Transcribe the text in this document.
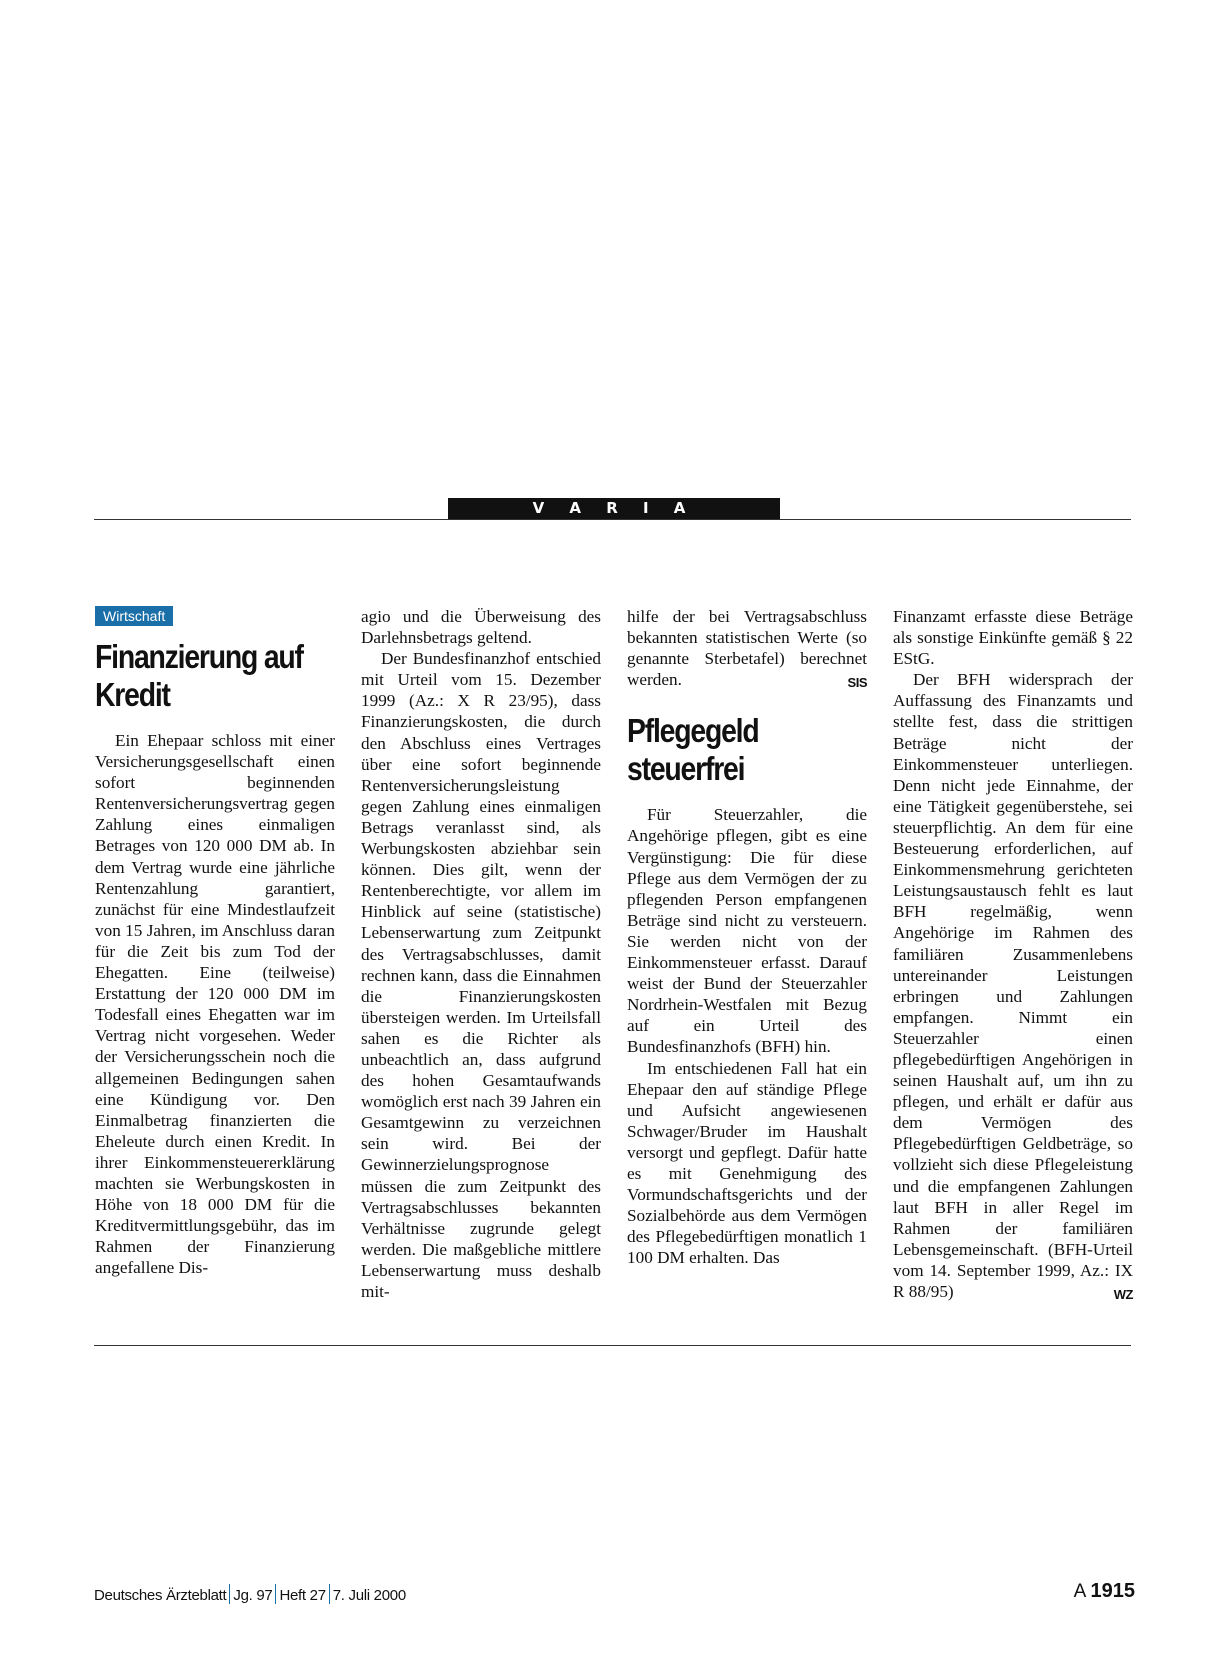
V A R I A
Wirtschaft
Finanzierung auf
Kredit

Ein Ehepaar schloss mit einer Versicherungsgesellschaft einen sofort beginnenden Rentenversicherungsvertrag gegen Zahlung eines einmaligen Betrages von 120 000 DM ab. In dem Vertrag wurde eine jährliche Rentenzahlung garantiert, zunächst für eine Mindestlaufzeit von 15 Jahren, im Anschluss daran für die Zeit bis zum Tod der Ehegatten. Eine (teilweise) Erstattung der 120 000 DM im Todesfall eines Ehegatten war im Vertrag nicht vorgesehen. Weder der Versicherungsschein noch die allgemeinen Bedingungen sahen eine Kündigung vor. Den Einmalbetrag finanzierten die Eheleute durch einen Kredit. In ihrer Einkommensteuererklärung machten sie Werbungskosten in Höhe von 18 000 DM für die Kreditvermittlungsgebühr, das im Rahmen der Finanzierung angefallene Dis-

agio und die Überweisung des Darlehnsbetrags geltend.

Der Bundesfinanzhof entschied mit Urteil vom 15. Dezember 1999 (Az.: X R 23/95), dass Finanzierungskosten, die durch den Abschluss eines Vertrages über eine sofort beginnende Rentenversicherungsleistung gegen Zahlung eines einmaligen Betrags veranlasst sind, als Werbungskosten abziehbar sein können. Dies gilt, wenn der Rentenberechtigte, vor allem im Hinblick auf seine (statistische) Lebenserwartung zum Zeitpunkt des Vertragsabschlusses, damit rechnen kann, dass die Einnahmen die Finanzierungskosten übersteigen werden. Im Urteilsfall sahen es die Richter als unbeachtlich an, dass aufgrund des hohen Gesamtaufwands womöglich erst nach 39 Jahren ein Gesamtgewinn zu verzeichnen sein wird. Bei der Gewinnerzielungsprognose müssen die zum Zeitpunkt des Vertragsabschlusses bekannten Verhältnisse zugrunde gelegt werden. Die maßgebliche mittlere Lebenserwartung muss deshalb mit-

hilfe der bei Vertragsabschluss bekannten statistischen Werte (so genannte Sterbetafel) berechnet werden.	SIS

Pflegegeld
steuerfrei

Für Steuerzahler, die Angehörige pflegen, gibt es eine Vergünstigung: Die für diese Pflege aus dem Vermögen der zu pflegenden Person empfangenen Beträge sind nicht zu versteuern. Sie werden nicht von der Einkommensteuer erfasst. Darauf weist der Bund der Steuerzahler Nordrhein-Westfalen mit Bezug auf ein Urteil des Bundesfinanzhofs (BFH) hin.

Im entschiedenen Fall hat ein Ehepaar den auf ständige Pflege und Aufsicht angewiesenen Schwager/Bruder im Haushalt versorgt und gepflegt. Dafür hatte es mit Genehmigung des Vormundschaftsgerichts und der Sozialbehörde aus dem Vermögen des Pflegebedürftigen monatlich 1 100 DM erhalten. Das

Finanzamt erfasste diese Beträge als sonstige Einkünfte gemäß § 22 EStG.

Der BFH widersprach der Auffassung des Finanzamts und stellte fest, dass die strittigen Beträge nicht der Einkommensteuer unterliegen. Denn nicht jede Einnahme, der eine Tätigkeit gegenüberstehe, sei steuerpflichtig. An dem für eine Besteuerung erforderlichen, auf Einkommensmehrung gerichteten Leistungsaustausch fehlt es laut BFH regelmäßig, wenn Angehörige im Rahmen des familiären Zusammenlebens untereinander Leistungen erbringen und Zahlungen empfangen. Nimmt ein Steuerzahler einen pflegebedürftigen Angehörigen in seinen Haushalt auf, um ihn zu pflegen, und erhält er dafür aus dem Vermögen des Pflegebedürftigen Geldbeträge, so vollzieht sich diese Pflegeleistung und die empfangenen Zahlungen laut BFH in aller Regel im Rahmen der familiären Lebensgemeinschaft. (BFH-Urteil vom 14. September 1999, Az.: IX R 88/95)	WZ

Deutsches Ärzteblatt Jg. 97 Heft 27 7. Juli 2000	A 1915
